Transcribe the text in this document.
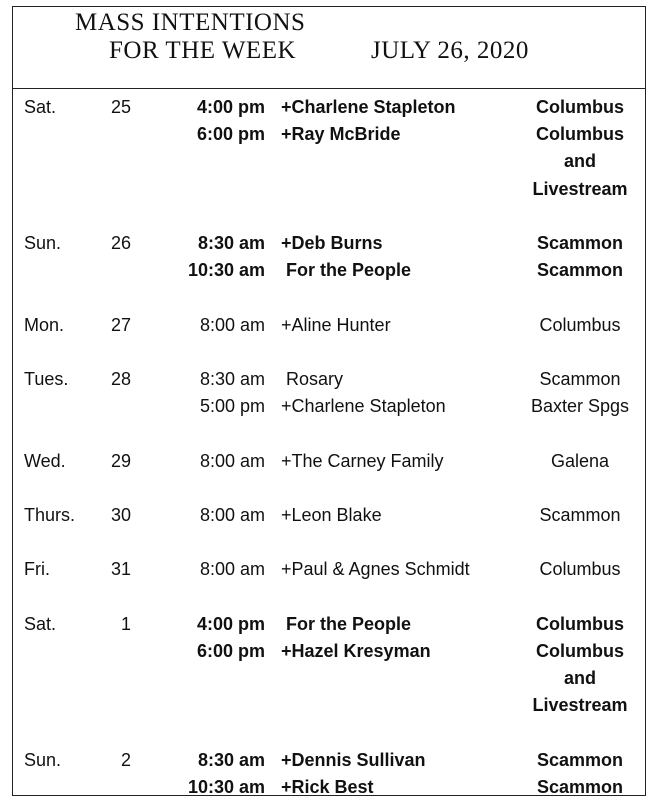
MASS INTENTIONS
FOR THE WEEK	JULY 26, 2020
Sat.	25	4:00 pm +Charlene Stapleton	Columbus
6:00 pm +Ray McBride	Columbus
and
Livestream
Sun.	26	8:30 am +Deb Burns	Scammon
10:30 am For the People	Scammon
Mon.	27	8:00 am +Aline Hunter	Columbus
Tues.	28	8:30 am Rosary	Scammon
5:00 pm +Charlene Stapleton	Baxter Spgs
Wed.	29	8:00 am +The Carney Family	Galena
Thurs.	30	8:00 am +Leon Blake	Scammon
Fri.	31	8:00 am +Paul & Agnes Schmidt	Columbus
Sat.	1	4:00 pm For the People	Columbus
6:00 pm +Hazel Kresyman	Columbus
and
Livestream
Sun.	2	8:30 am +Dennis Sullivan	Scammon
10:30 am +Rick Best	Scammon
